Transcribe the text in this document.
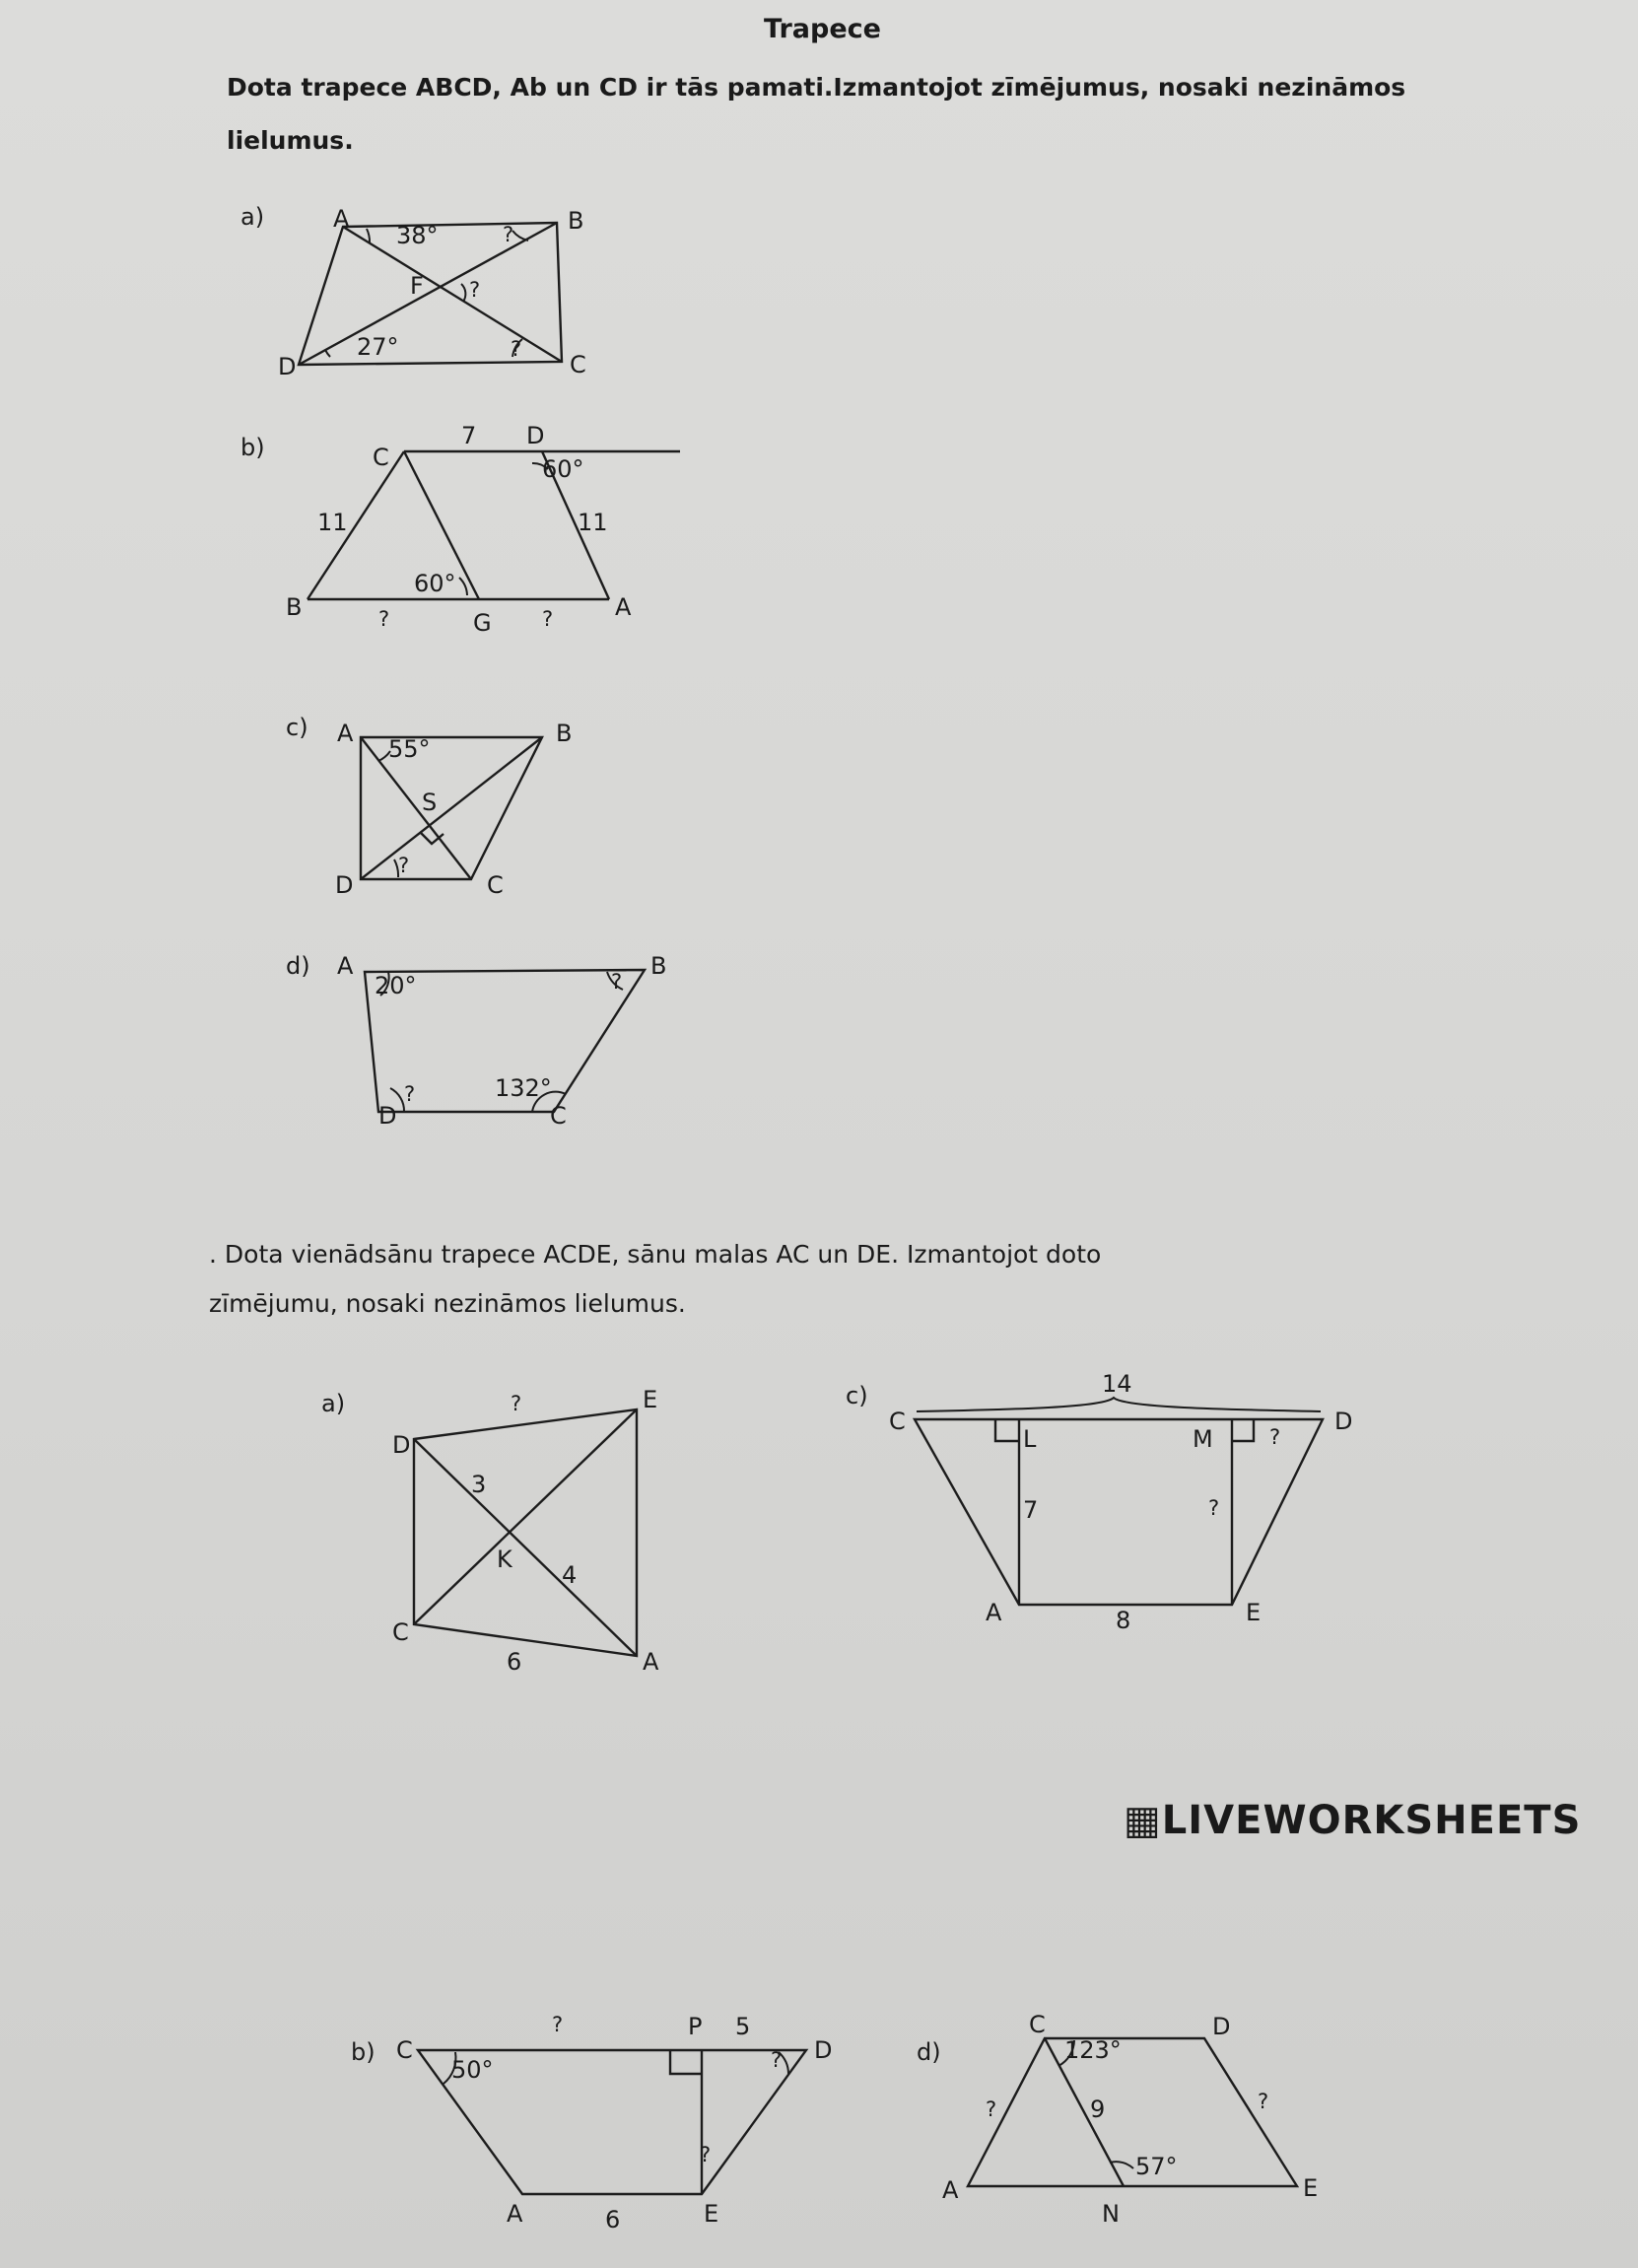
Trapece
Dota trapece ABCD, Ab un CD ir tās pamati.Izmantojot zīmējumus, nosaki nezināmos
lielumus.
a)	A	B
C
D
F
38°
27°
?
?
?
b)	C
D
B	A
G
7
11	11
60°
60°
?	?
c) A	B
C
D
S
55°
?
d) A	B
C
D
20°
132°
?
?
. Dota vienādsānu trapece ACDE, sānu malas AC un DE. Izmantojot doto
zīmējumu, nosaki nezināmos lielumus.
a)
D
E
C
A
K
?
3
4
6
c)
C	D
A	E
L	M
14
7	?
?
8
▦LIVEWORKSHEETS
b) C	D
A	E
P
?	5
50°	?
?
6
d)
C	D
A	E
N
123°
57°
9
?	?
